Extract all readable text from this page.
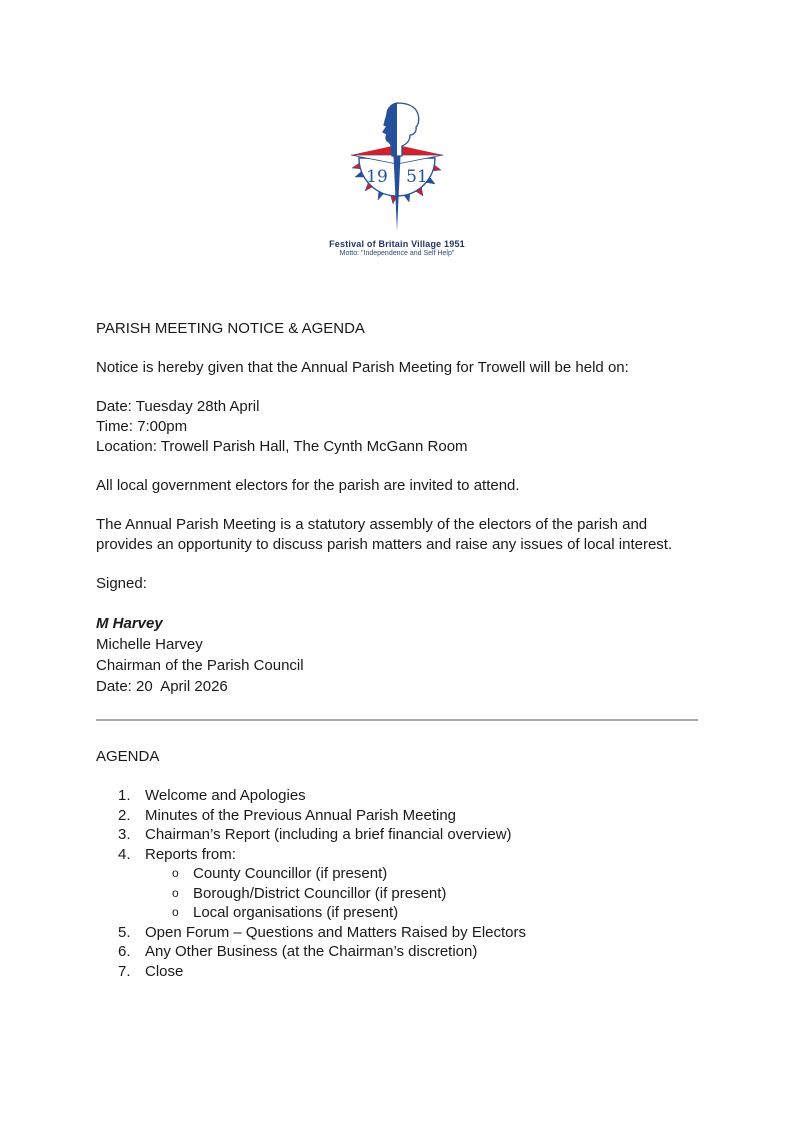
19 51
Festival of Britain Village 1951
Motto: "Independence and Self Help"

PARISH MEETING NOTICE & AGENDA

Notice is hereby given that the Annual Parish Meeting for Trowell will be held on:

Date: Tuesday 28th April
Time: 7:00pm
Location: Trowell Parish Hall, The Cynth McGann Room

All local government electors for the parish are invited to attend.

The Annual Parish Meeting is a statutory assembly of the electors of the parish and provides an opportunity to discuss parish matters and raise any issues of local interest.

Signed:

M Harvey
Michelle Harvey
Chairman of the Parish Council
Date: 20  April 2026

AGENDA

1. Welcome and Apologies
2. Minutes of the Previous Annual Parish Meeting
3. Chairman’s Report (including a brief financial overview)
4. Reports from:
o County Councillor (if present)
o Borough/District Councillor (if present)
o Local organisations (if present)
5. Open Forum – Questions and Matters Raised by Electors
6. Any Other Business (at the Chairman’s discretion)
7. Close
